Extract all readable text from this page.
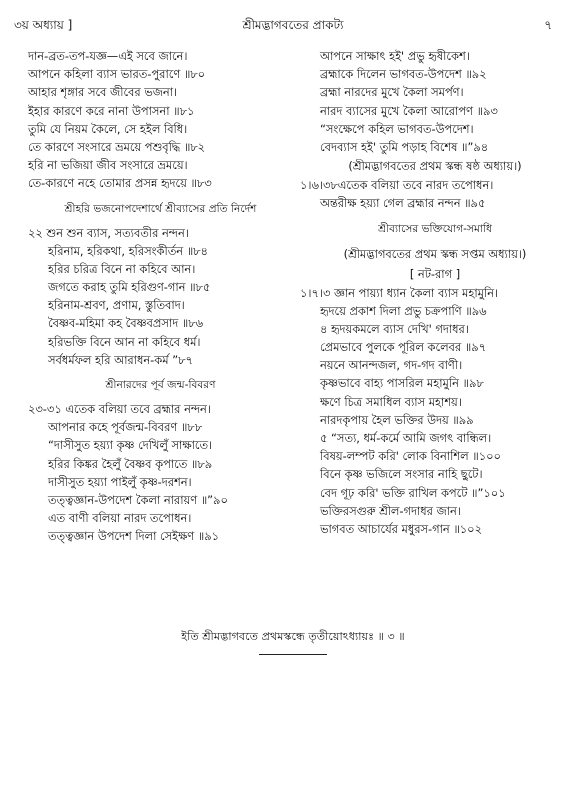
৩য় অধ্যায় ]	শ্রীমদ্ভাগবতের প্রাকট্য	৭
দান-ব্রত-তপ-যজ্ঞ—এই সবে জানে।
আপনে কহিলা ব্যাস ভারত-পুরাণে ॥৮০
আহার শৃঙ্গার সবে জীবের ভজনা।
ইহার কারণে করে নানা উপাসনা ॥৮১
তুমি যে নিয়ম কৈলে, সে হইল বিধি।
তে কারণে সংসারে ভ্রময়ে পশুবৃদ্ধি ॥৮২
হরি না ভজিয়া জীব সংসারে ভ্রময়ে।
তে-কারণে নহে তোমার প্রসন্ন হৃদয়ে ॥৮৩
শ্রীহরি ভজনোপদেশার্থে শ্রীব্যাসের প্রতি নির্দেশ
২২ শুন শুন ব্যাস, সত্যবতীর নন্দন।
হরিনাম, হরিকথা, হরিসংকীর্তন ॥৮৪
হরির চরিত্র বিনে না কহিবে আন।
জগতে করাহ তুমি হরিগুণ-গান ॥৮৫
হরিনাম-শ্রবণ, প্রণাম, স্তুতিবাদ।
বৈষ্ণব-মহিমা কহ বৈষ্ণবপ্রসাদ ॥৮৬
হরিভক্তি বিনে আন না কহিবে ধর্ম।
সর্বধর্মফল হরি আরাধন-কর্ম ”৮৭
শ্রীনারদের পূর্ব জন্ম-বিবরণ
২৩-৩১ এতেক বলিয়া তবে ব্রহ্মার নন্দন।
আপনার কহে পূর্বজন্ম-বিবরণ ॥৮৮
“দাসীসুত হয়্যা কৃষ্ণ দেখিলুঁ সাক্ষাতে।
হরির কিঙ্কর হৈলুঁ বৈষ্ণব কৃপাতে ॥৮৯
দাসীসুত হয়্যা পাইলুঁ কৃষ্ণ-দরশন।
তত্ত্বজ্ঞান-উপদেশ কৈলা নারায়ণ ॥”৯০
এত বাণী বলিয়া নারদ তপোধন।
তত্ত্বজ্ঞান উপদেশ দিলা সেইক্ষণ ॥৯১
আপনে সাক্ষাৎ হই' প্রভু হৃষীকেশ।
ব্রহ্মাকে দিলেন ভাগবত-উপদেশ ॥৯২
ব্রহ্মা নারদের মুখে কৈলা সমর্পণ।
নারদ ব্যাসের মুখে কৈলা আরোপণ ॥৯৩
“সংক্ষেপে কহিল ভাগবত-উপদেশ।
বেদব্যাস হই' তুমি পড়াহ বিশেষ ॥”৯৪
(শ্রীমদ্ভাগবতের প্রথম স্কন্ধ ষষ্ঠ অধ্যায়।)
১।৬।৩৮এতেক বলিয়া তবে নারদ তপোধন।
অন্তরীক্ষ হয়্যা গেল ব্রহ্মার নন্দন ॥৯৫
শ্রীব্যাসের ভক্তিযোগ-সমাধি
(শ্রীমদ্ভাগবতের প্রথম স্কন্ধ সপ্তম অধ্যায়।)
[ নট-রাগ ]
১।৭।৩ জ্ঞান পায়্যা ধ্যান কৈলা ব্যাস মহামুনি।
হৃদয়ে প্রকাশ দিলা প্রভু চক্রপাণি ॥৯৬
৪ হৃদয়কমলে ব্যাস দেখি' গদাধর।
প্রেমভাবে পুলকে পূরিল কলেবর ॥৯৭
নয়নে আনন্দজল, গদ-গদ বাণী।
কৃষ্ণভাবে বাহ্য পাসরিল মহামুনি ॥৯৮
ক্ষণে চিত্র সমাধিল ব্যাস মহাশয়।
নারদকৃপায় হৈল ভক্তির উদয় ॥৯৯
৫ “সত্য, ধর্ম-কর্মে আমি জগৎ বান্ধিল।
বিষয়-লম্পট করি' লোক বিনাশিল ॥১০০
বিনে কৃষ্ণ ভজিলে সংসার নাহি ছুটে।
বেদ গূঢ় করি' ভক্তি রাখিল কপটে ॥”১০১
ভক্তিরসগুরু শ্রীল-গদাধর জান।
ভাগবত আচার্যের মধুরস-গান ॥১০২
ইতি শ্রীমদ্ভাগবতে প্রথমস্কন্ধে তৃতীয়োঽধ্যায়ঃ ॥ ৩ ॥
